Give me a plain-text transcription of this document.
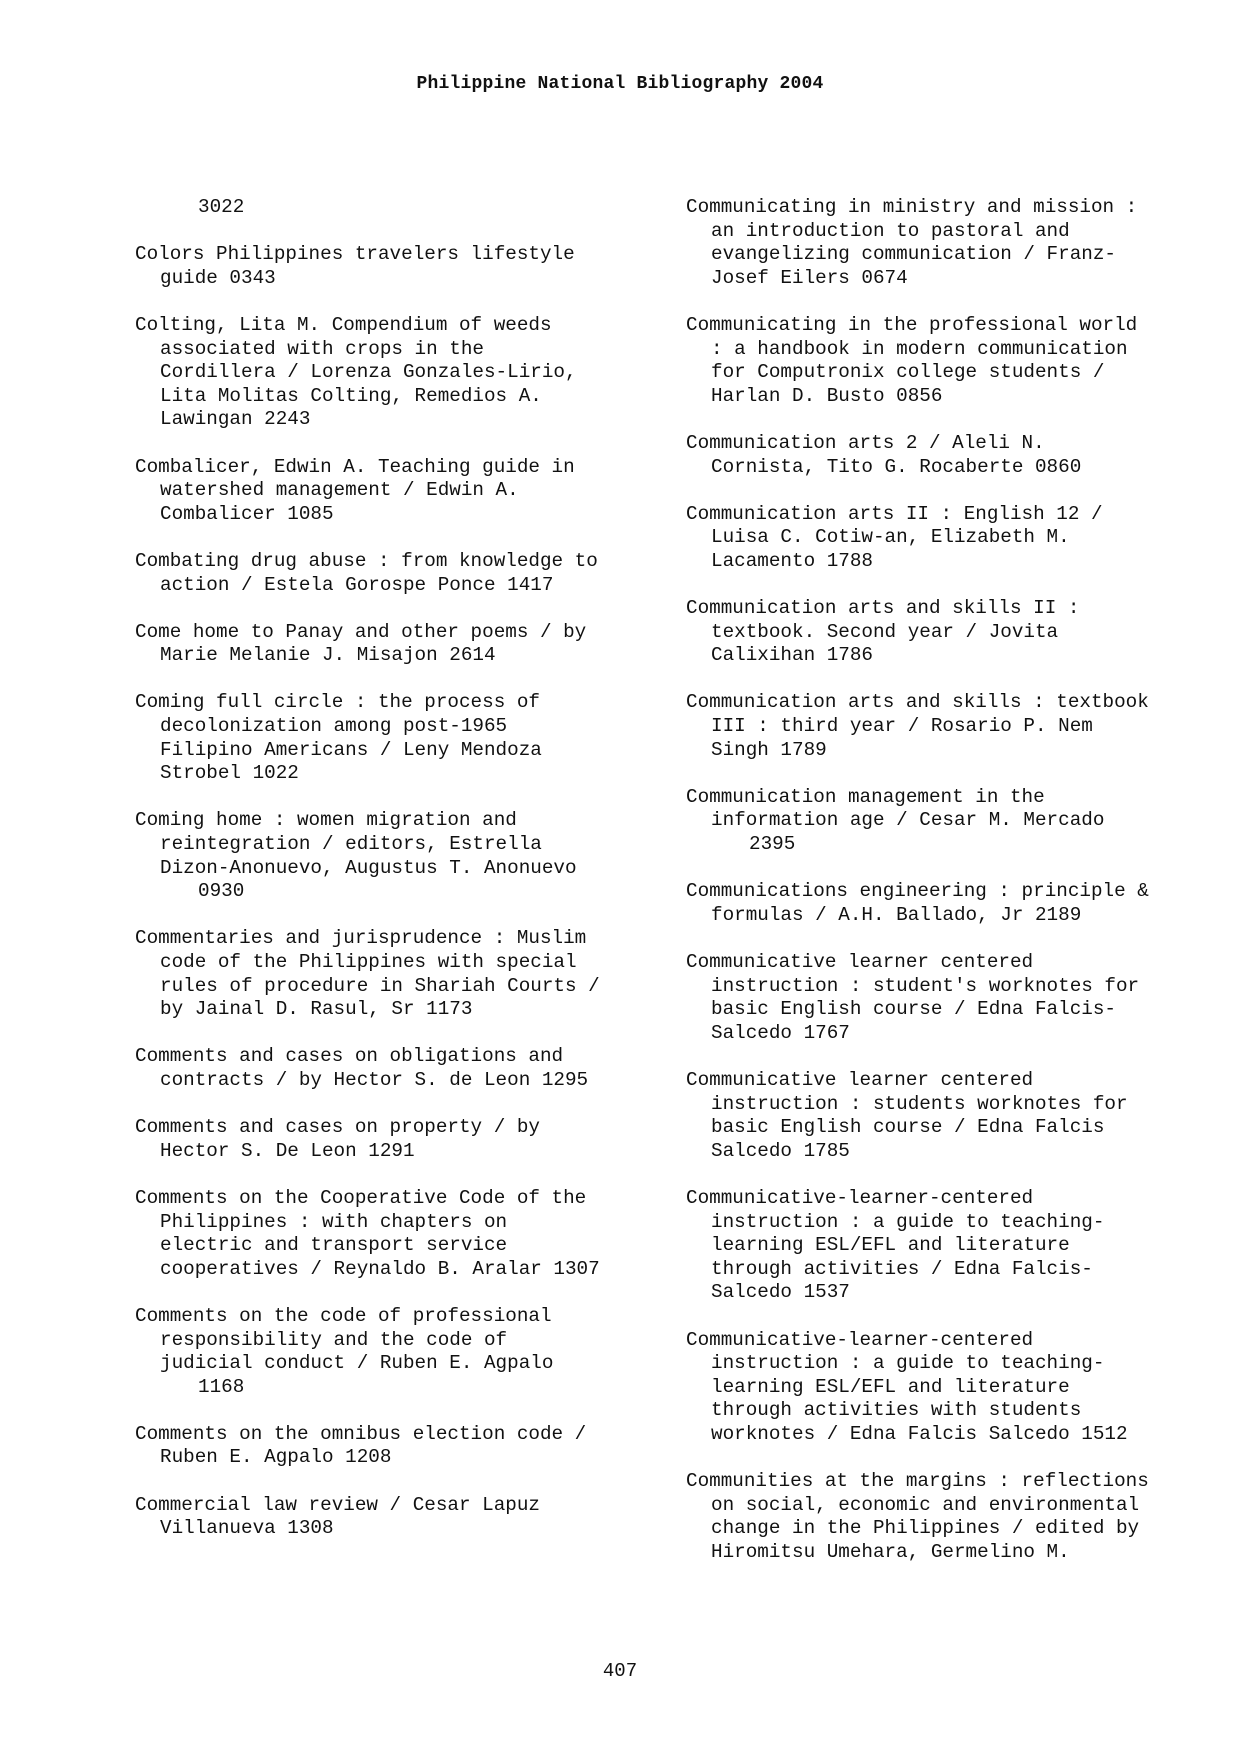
Philippine National Bibliography 2004
3022
Colors Philippines travelers lifestyle
guide 0343
Colting, Lita M. Compendium of weeds
associated with crops in the
Cordillera / Lorenza Gonzales-Lirio,
Lita Molitas Colting, Remedios A.
Lawingan 2243
Combalicer, Edwin A. Teaching guide in
watershed management / Edwin A.
Combalicer 1085
Combating drug abuse : from knowledge to
action / Estela Gorospe Ponce 1417
Come home to Panay and other poems / by
Marie Melanie J. Misajon 2614
Coming full circle : the process of
decolonization among post-1965
Filipino Americans / Leny Mendoza
Strobel 1022
Coming home : women migration and
reintegration / editors, Estrella
Dizon-Anonuevo, Augustus T. Anonuevo
0930
Commentaries and jurisprudence : Muslim
code of the Philippines with special
rules of procedure in Shariah Courts /
by Jainal D. Rasul, Sr 1173
Comments and cases on obligations and
contracts / by Hector S. de Leon 1295
Comments and cases on property / by
Hector S. De Leon 1291
Comments on the Cooperative Code of the
Philippines : with chapters on
electric and transport service
cooperatives / Reynaldo B. Aralar 1307
Comments on the code of professional
responsibility and the code of
judicial conduct / Ruben E. Agpalo
1168
Comments on the omnibus election code /
Ruben E. Agpalo 1208
Commercial law review / Cesar Lapuz
Villanueva 1308
Communicating in ministry and mission :
an introduction to pastoral and
evangelizing communication / Franz-
Josef Eilers 0674
Communicating in the professional world
: a handbook in modern communication
for Computronix college students /
Harlan D. Busto 0856
Communication arts 2 / Aleli N.
Cornista, Tito G. Rocaberte 0860
Communication arts II : English 12 /
Luisa C. Cotiw-an, Elizabeth M.
Lacamento 1788
Communication arts and skills II :
textbook. Second year / Jovita
Calixihan 1786
Communication arts and skills : textbook
III : third year / Rosario P. Nem
Singh 1789
Communication management in the
information age / Cesar M. Mercado
2395
Communications engineering : principle &
formulas / A.H. Ballado, Jr 2189
Communicative learner centered
instruction : student's worknotes for
basic English course / Edna Falcis-
Salcedo 1767
Communicative learner centered
instruction : students worknotes for
basic English course / Edna Falcis
Salcedo 1785
Communicative-learner-centered
instruction : a guide to teaching-
learning ESL/EFL and literature
through activities / Edna Falcis-
Salcedo 1537
Communicative-learner-centered
instruction : a guide to teaching-
learning ESL/EFL and literature
through activities with students
worknotes / Edna Falcis Salcedo 1512
Communities at the margins : reflections
on social, economic and environmental
change in the Philippines / edited by
Hiromitsu Umehara, Germelino M.
407
